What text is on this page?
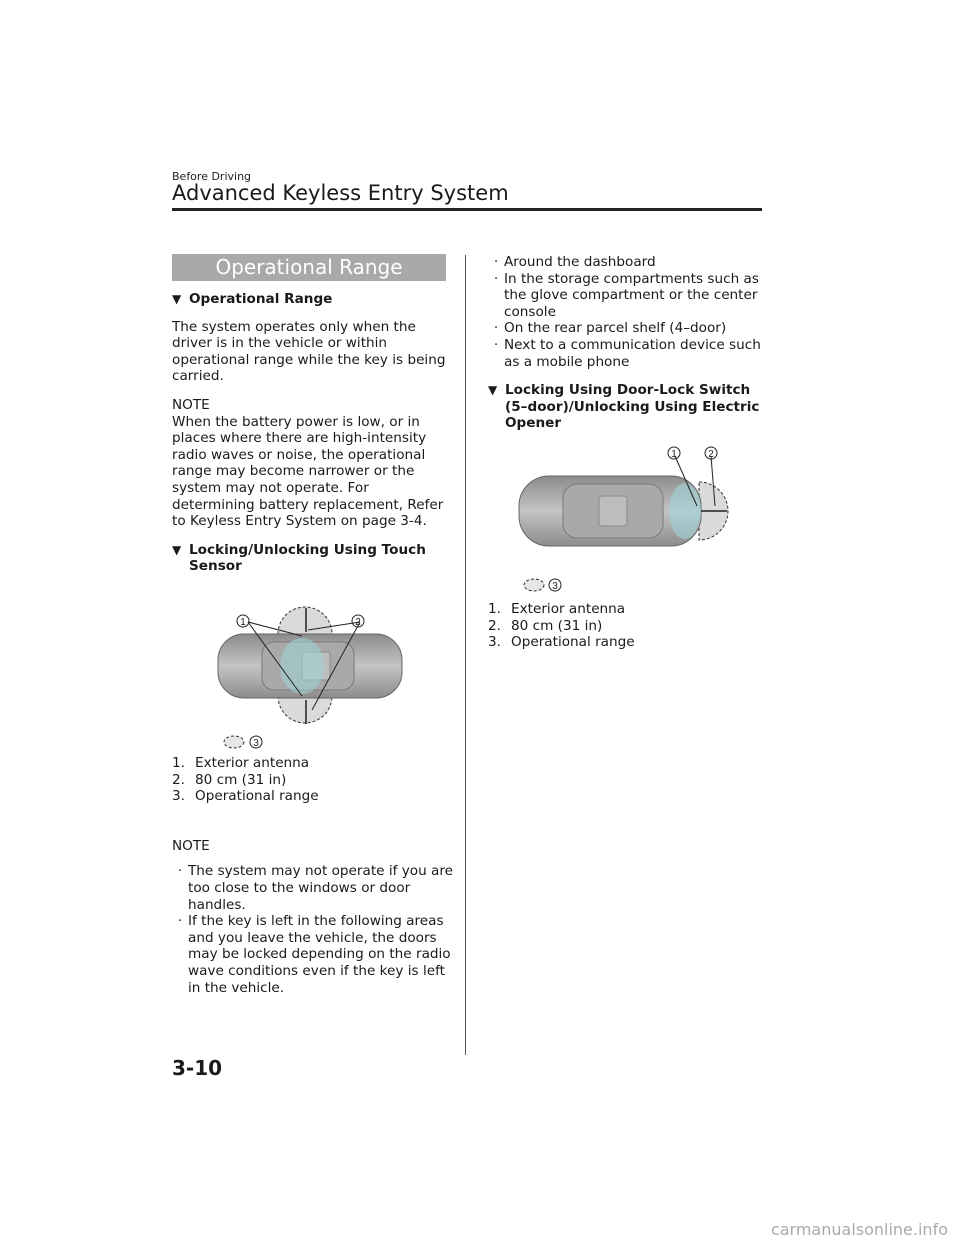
Before Driving
Advanced Keyless Entry System
Operational Range

▼ Operational Range

The system operates only when the driver is in the vehicle or within operational range while the key is being carried.

NOTE

When the battery power is low, or in places where there are high-intensity radio waves or noise, the operational range may become narrower or the system may not operate. For determining battery replacement, Refer to Keyless Entry System on page 3-4.

▼ Locking/Unlocking Using Touch Sensor

1	2
3
1. Exterior antenna
2. 80 cm (31 in)
3. Operational range

NOTE

· The system may not operate if you are too close to the windows or door handles.
· If the key is left in the following areas and you leave the vehicle, the doors may be locked depending on the radio wave conditions even if the key is left in the vehicle.
· Around the dashboard
· In the storage compartments such as the glove compartment or the center console
· On the rear parcel shelf (4–door)
· Next to a communication device such as a mobile phone

▼ Locking Using Door-Lock Switch (5–door)/Unlocking Using Electric Opener

1	2
3
1. Exterior antenna
2. 80 cm (31 in)
3. Operational range
3-10
carmanualsonline.info
